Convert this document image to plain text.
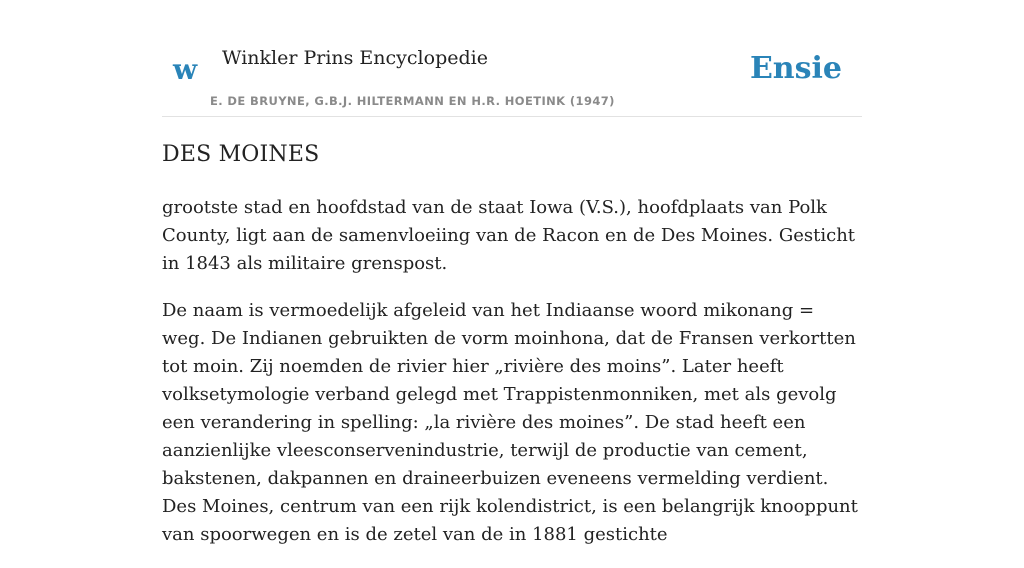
w Winkler Prins Encyclopedie
E. DE BRUYNE, G.B.J. HILTERMANN EN H.R. HOETINK (1947)
Ensie
DES MOINES

grootste stad en hoofdstad van de staat Iowa (V.S.), hoofdplaats van Polk County, ligt aan de samenvloeiing van de Racon en de Des Moines. Gesticht in 1843 als militaire grenspost.

De naam is vermoedelijk afgeleid van het Indiaanse woord mikonang = weg. De Indianen gebruikten de vorm moinhona, dat de Fransen verkortten tot moin. Zij noemden de rivier hier „rivière des moins”. Later heeft volksetymologie verband gelegd met Trappistenmonniken, met als gevolg een verandering in spelling: „la rivière des moines”. De stad heeft een aanzienlijke vleesconservenindustrie, terwijl de productie van cement, bakstenen, dakpannen en draineerbuizen eveneens vermelding verdient. Des Moines, centrum van een rijk kolendistrict, is een belangrijk knooppunt van spoorwegen en is de zetel van de in 1881 gestichte
